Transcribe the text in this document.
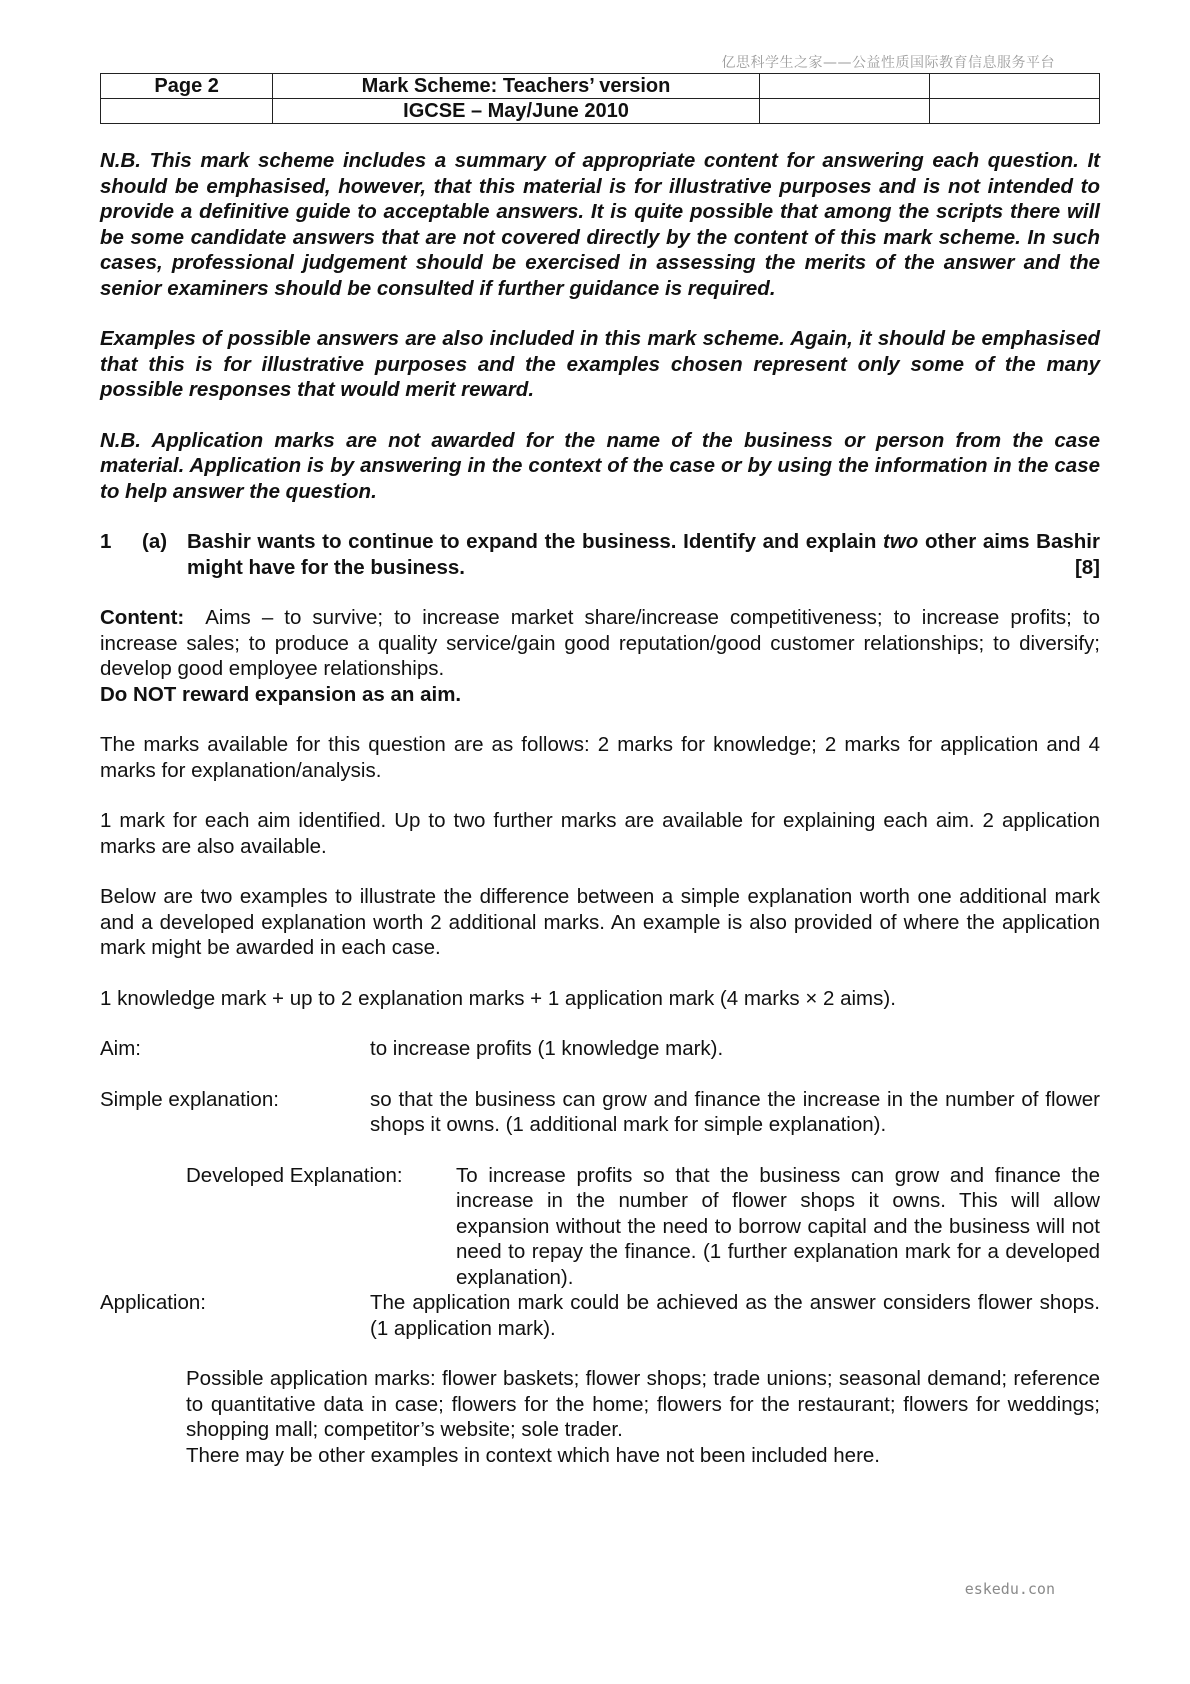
亿思科学生之家——公益性质国际教育信息服务平台
Page 2	Mark Scheme: Teachers’ version		
	IGCSE – May/June 2010		

N.B. This mark scheme includes a summary of appropriate content for answering each question. It should be emphasised, however, that this material is for illustrative purposes and is not intended to provide a definitive guide to acceptable answers. It is quite possible that among the scripts there will be some candidate answers that are not covered directly by the content of this mark scheme. In such cases, professional judgement should be exercised in assessing the merits of the answer and the senior examiners should be consulted if further guidance is required.

Examples of possible answers are also included in this mark scheme. Again, it should be emphasised that this is for illustrative purposes and the examples chosen represent only some of the many possible responses that would merit reward.

N.B. Application marks are not awarded for the name of the business or person from the case material. Application is by answering in the context of the case or by using the information in the case to help answer the question.

1	(a) Bashir wants to continue to expand the business. Identify and explain two other aims Bashir might have for the business.	[8]
Content: Aims – to survive; to increase market share/increase competitiveness; to increase profits; to increase sales; to produce a quality service/gain good reputation/good customer relationships; to diversify; develop good employee relationships.
Do NOT reward expansion as an aim.

The marks available for this question are as follows: 2 marks for knowledge; 2 marks for application and 4 marks for explanation/analysis.

1 mark for each aim identified. Up to two further marks are available for explaining each aim. 2 application marks are also available.

Below are two examples to illustrate the difference between a simple explanation worth one additional mark and a developed explanation worth 2 additional marks. An example is also provided of where the application mark might be awarded in each case.

1 knowledge mark + up to 2 explanation marks + 1 application mark (4 marks × 2 aims).

Aim:	to increase profits (1 knowledge mark).
Simple explanation:	so that the business can grow and finance the increase in the number of flower shops it owns. (1 additional mark for simple explanation).
Developed Explanation:	To increase profits so that the business can grow and finance the increase in the number of flower shops it owns. This will allow expansion without the need to borrow capital and the business will not need to repay the finance. (1 further explanation mark for a developed explanation).
Application:	The application mark could be achieved as the answer considers flower shops. (1 application mark).
Possible application marks: flower baskets; flower shops; trade unions; seasonal demand; reference to quantitative data in case; flowers for the home; flowers for the restaurant; flowers for weddings; shopping mall; competitor’s website; sole trader.
There may be other examples in context which have not been included here.
eskedu.con
